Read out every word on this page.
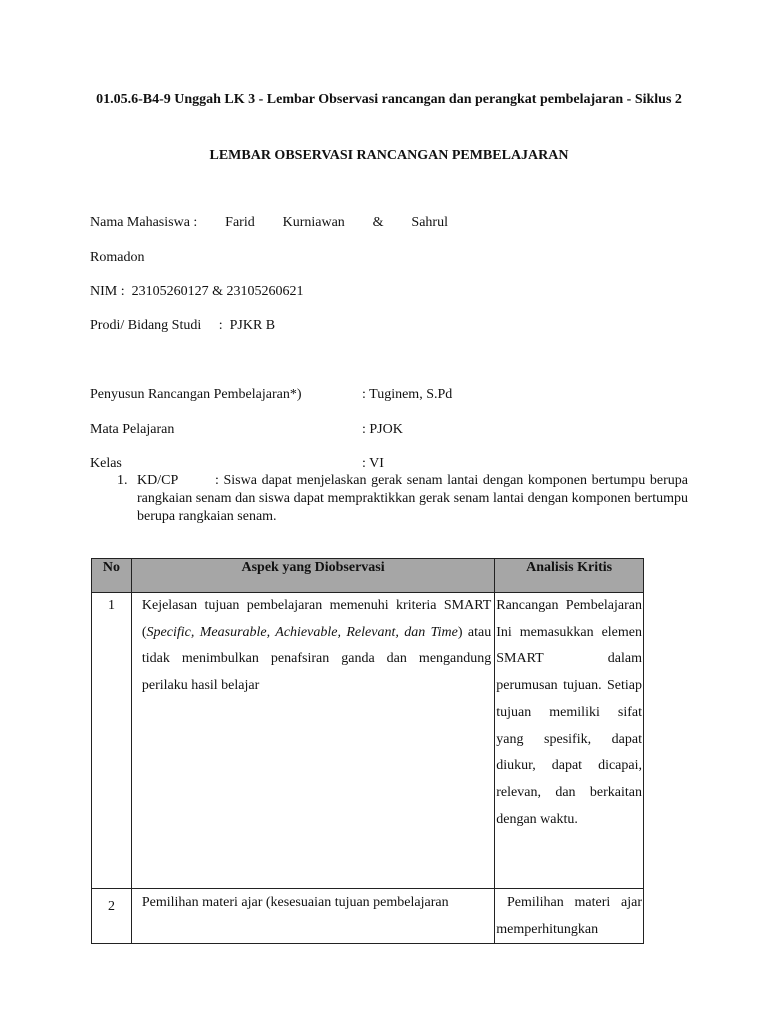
01.05.6-B4-9 Unggah LK 3 - Lembar Observasi rancangan dan perangkat pembelajaran - Siklus 2
LEMBAR OBSERVASI RANCANGAN PEMBELAJARAN
Nama Mahasiswa : Farid Kurniawan & Sahrul
Romadon
NIM :  23105260127 & 23105260621
Prodi/ Bidang Studi     :  PJKR B
Penyusun Rancangan Pembelajaran*)	: Tuginem, S.Pd
Mata Pelajaran	: PJOK
Kelas	: VI
1. KD/CP	: Siswa dapat menjelaskan gerak senam lantai dengan komponen bertumpu berupa rangkaian senam dan siswa dapat mempraktikkan gerak senam lantai dengan komponen bertumpu berupa rangkaian senam.
No	Aspek yang Diobservasi	Analisis Kritis
1	Kejelasan tujuan pembelajaran memenuhi kriteria SMART (Specific, Measurable, Achievable, Relevant, dan Time) atau tidak menimbulkan penafsiran ganda dan mengandung perilaku hasil belajar	Rancangan Pembelajaran Ini memasukkan elemen SMART dalam perumusan tujuan. Setiap tujuan memiliki sifat yang spesifik, dapat diukur, dapat dicapai, relevan, dan berkaitan dengan waktu.
2	Pemilihan materi ajar (kesesuaian tujuan pembelajaran	Pemilihan materi ajar memperhitungkan
